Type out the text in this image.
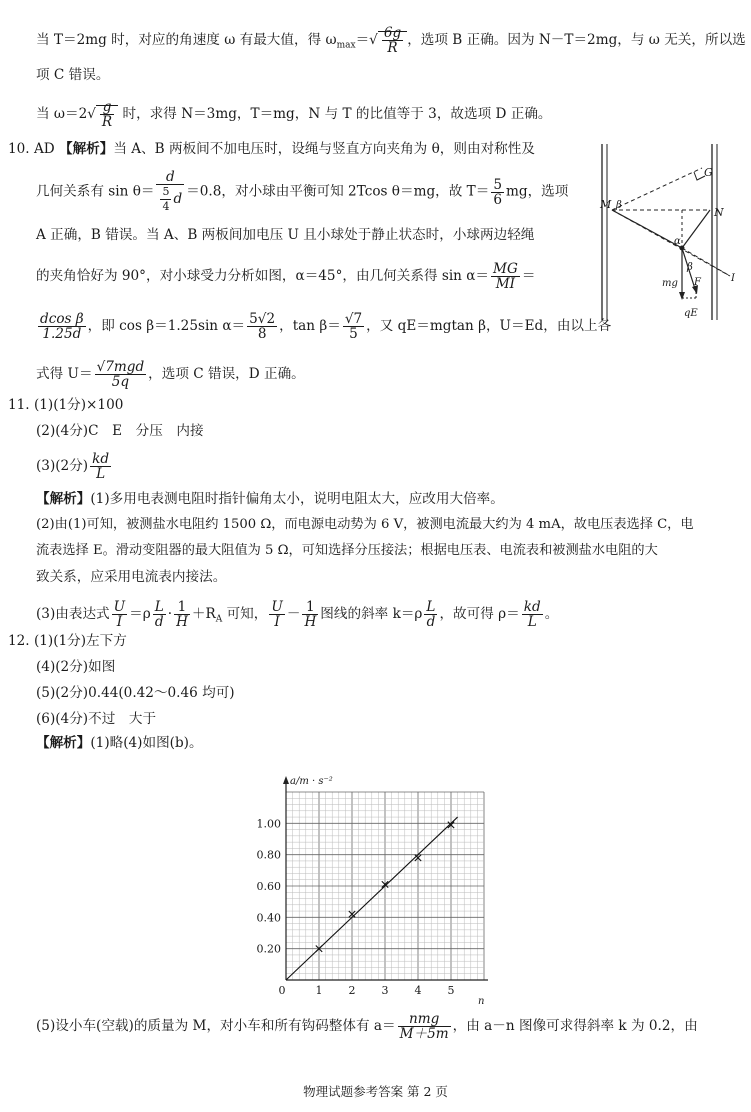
当 T＝2mg 时，对应的角速度 ω 有最大值，得 $\omega_{max}=√ \frac{6g}{R}$ ，选项 B 正确。因为 N－T＝2mg，与 ω 无关，所以选
项 C 错误。
当 $\omega=2√ \frac{g}{R}$ 时，求得 N＝3mg，T＝mg，N 与 T 的比值等于 3，故选项 D 正确。
10. AD 【解析】当 A、B 两板间不加电压时，设绳与竖直方向夹角为 θ，则由对称性及
几何关系有 $\sin \theta= \frac{d}{\frac{5}{4} d} =0.8$，对小球由平衡可知 2Tcos θ＝mg，故 $T= \frac{5}{6}$ mg，选项
A 正确，B 错误。当 A、B 两板间加电压 U 且小球处于静止状态时，小球两边轻绳
的夹角恰好为 90°，对小球受力分析如图，α＝45°，由几何关系得 $\sin \alpha= \frac{MG}{MI}$ ＝
$\frac{\text{dcos β}}{1.25d}$ ，即 cos β＝1.25sin $\alpha= \frac{5√2}{8}$ ，$\tan \beta= \frac{√7}{5}$ ，又 qE＝mgtan β，U＝Ed，由以上各
式得 $U= \frac{\text{√7mgd}}{5q}$ ，选项 C 错误，D 正确。
M β
G
N
α
β
F
mg	I
qE
11. (1)(1分)×100
(2)(4分)C　E　分压　内接
(3)(2分) $\frac{kd}{L}$
【解析】(1)多用电表测电阻时指针偏角太小，说明电阻太大，应改用大倍率。
(2)由(1)可知，被测盐水电阻约 1500 Ω，而电源电动势为 6 V，被测电流最大约为 4 mA，故电压表选择 C，电
流表选择 E。滑动变阻器的最大阻值为 5 Ω，可知选择分压接法；根据电压表、电流表和被测盐水电阻的大
致关系，应采用电流表内接法。
(3)由表达式 $\frac{U}{I} =\rho \frac{L}{d} \cdot \frac{1}{H} +R_A$ 可知， $\frac{U}{I} - \frac{1}{H}$ 图线的斜率 $k=\rho \frac{L}{d}$ ，故可得 $\rho= \frac{kd}{L}$ 。
12. (1)(1分)左下方
(4)(2分)如图
(5)(2分)0.44(0.42～0.46 均可)
(6)(4分)不过　大于
【解析】(1)略(4)如图(b)。
a/m · s⁻²
n
0	1 2 3 4 5
0.20
0.40
0.60
0.80
1.00
(5)设小车(空载)的质量为 M，对小车和所有钩码整体有 $a= \frac{\text{nmg}}{M+5m}$ ，由 a－n 图像可求得斜率 k 为 0.2，由
物理试题参考答案 第 2 页
